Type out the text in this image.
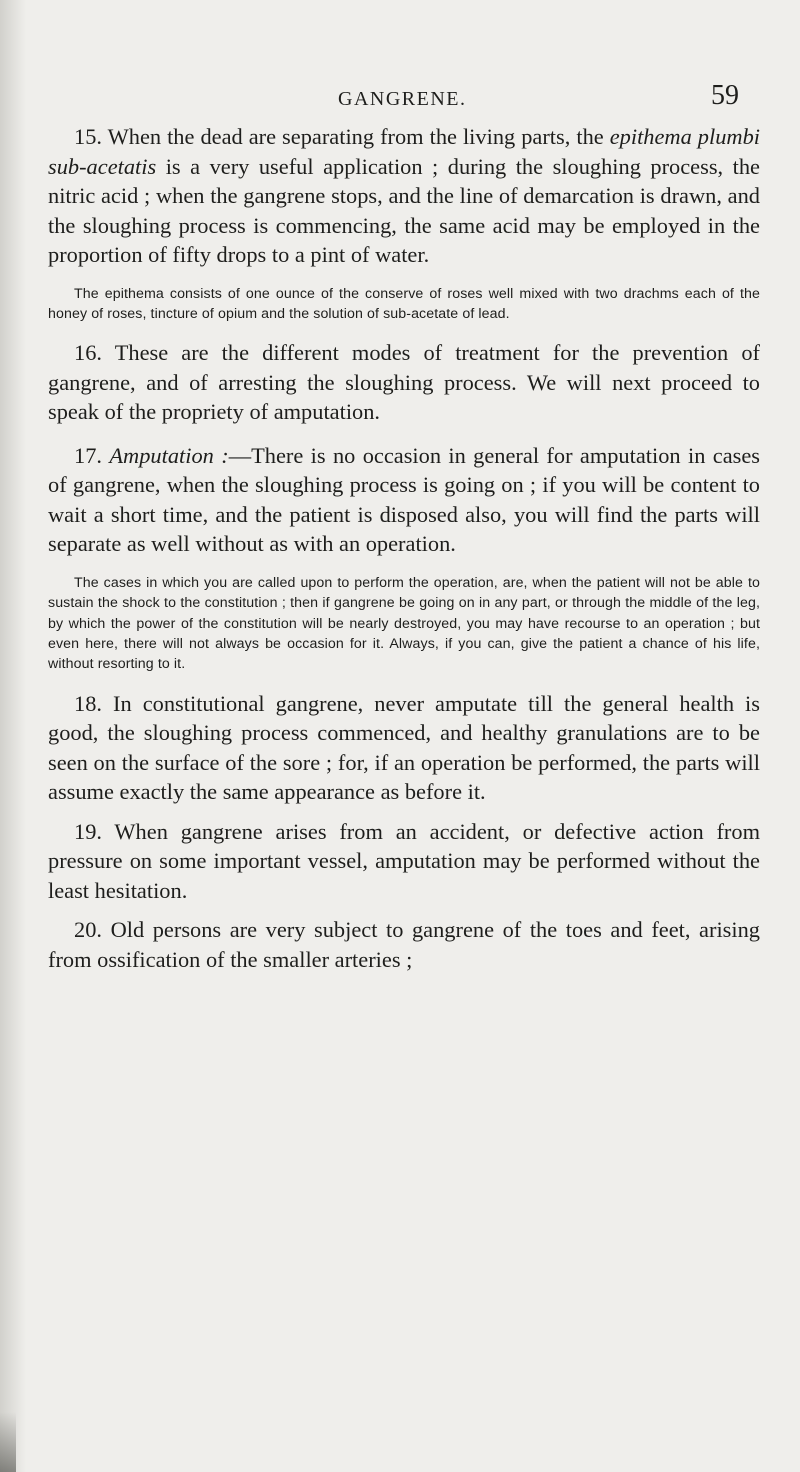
GANGRENE.	59

15. When the dead are separating from the living parts, the epithema plumbi sub-acetatis is a very useful application ; during the sloughing process, the nitric acid ; when the gangrene stops, and the line of demarcation is drawn, and the sloughing process is commencing, the same acid may be employed in the proportion of fifty drops to a pint of water.

The epithema consists of one ounce of the conserve of roses well mixed with two drachms each of the honey of roses, tincture of opium and the solution of sub-acetate of lead.

16. These are the different modes of treatment for the prevention of gangrene, and of arresting the sloughing process. We will next proceed to speak of the propriety of amputation.

17. Amputation :—There is no occasion in general for amputation in cases of gangrene, when the sloughing process is going on ; if you will be content to wait a short time, and the patient is disposed also, you will find the parts will separate as well without as with an operation.

The cases in which you are called upon to perform the operation, are, when the patient will not be able to sustain the shock to the constitution ; then if gangrene be going on in any part, or through the middle of the leg, by which the power of the constitution will be nearly destroyed, you may have recourse to an operation ; but even here, there will not always be occasion for it. Always, if you can, give the patient a chance of his life, without resorting to it.

18. In constitutional gangrene, never amputate till the general health is good, the sloughing process commenced, and healthy granulations are to be seen on the surface of the sore ; for, if an operation be performed, the parts will assume exactly the same appearance as before it.

19. When gangrene arises from an accident, or defective action from pressure on some important vessel, amputation may be performed without the least hesitation.

20. Old persons are very subject to gangrene of the toes and feet, arising from ossification of the smaller arteries ;
